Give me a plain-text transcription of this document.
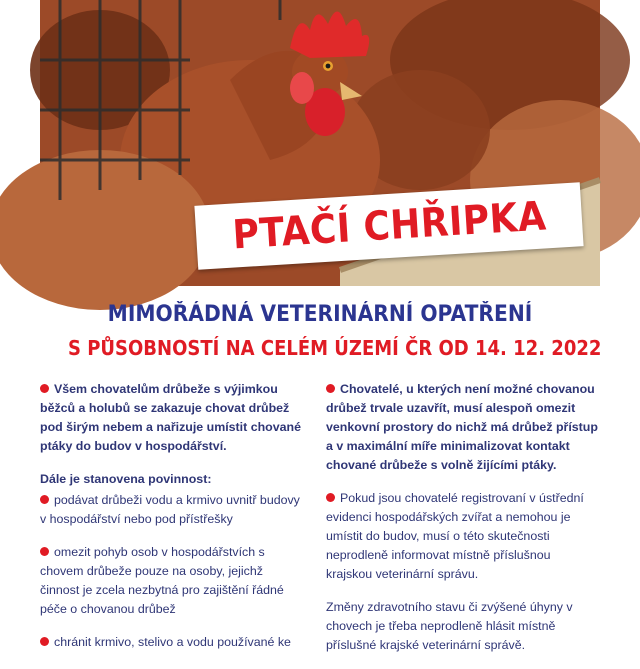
PTAČÍ CHŘIPKA
MIMOŘÁDNÁ VETERINÁRNÍ OPATŘENÍ
S PŮSOBNOSTÍ NA CELÉM ÚZEMÍ ČR OD 14. 12. 2022

Všem chovatelům drůbeže s výjimkou běžců a holubů se zakazuje chovat drůbež pod širým nebem a nařizuje umístit chované ptáky do budov v hospodářství.

Dále je stanovena povinnost:

podávat drůbeži vodu a krmivo uvnitř budovy v hospodářství nebo pod přístřešky

omezit pohyb osob v hospodářstvích s chovem drůbeže pouze na osoby, jejichž činnost je zcela nezbytná pro zajištění řádné péče o chovanou drůbež

chránit krmivo, stelivo a vodu používané ke

Chovatelé, u kterých není možné chovanou drůbež trvale uzavřít, musí alespoň omezit venkovní prostory do nichž má drůbež přístup a v maximální míře minimalizovat kontakt chované drůbeže s volně žijícími ptáky.

Pokud jsou chovatelé registrovaní v ústřední evidenci hospodářských zvířat a nemohou je umístit do budov, musí o této skutečnosti neprodleně informovat místně příslušnou krajskou veterinární správu.

Změny zdravotního stavu či zvýšené úhyny v chovech je třeba neprodleně hlásit místně příslušné krajské veterinární správě.
